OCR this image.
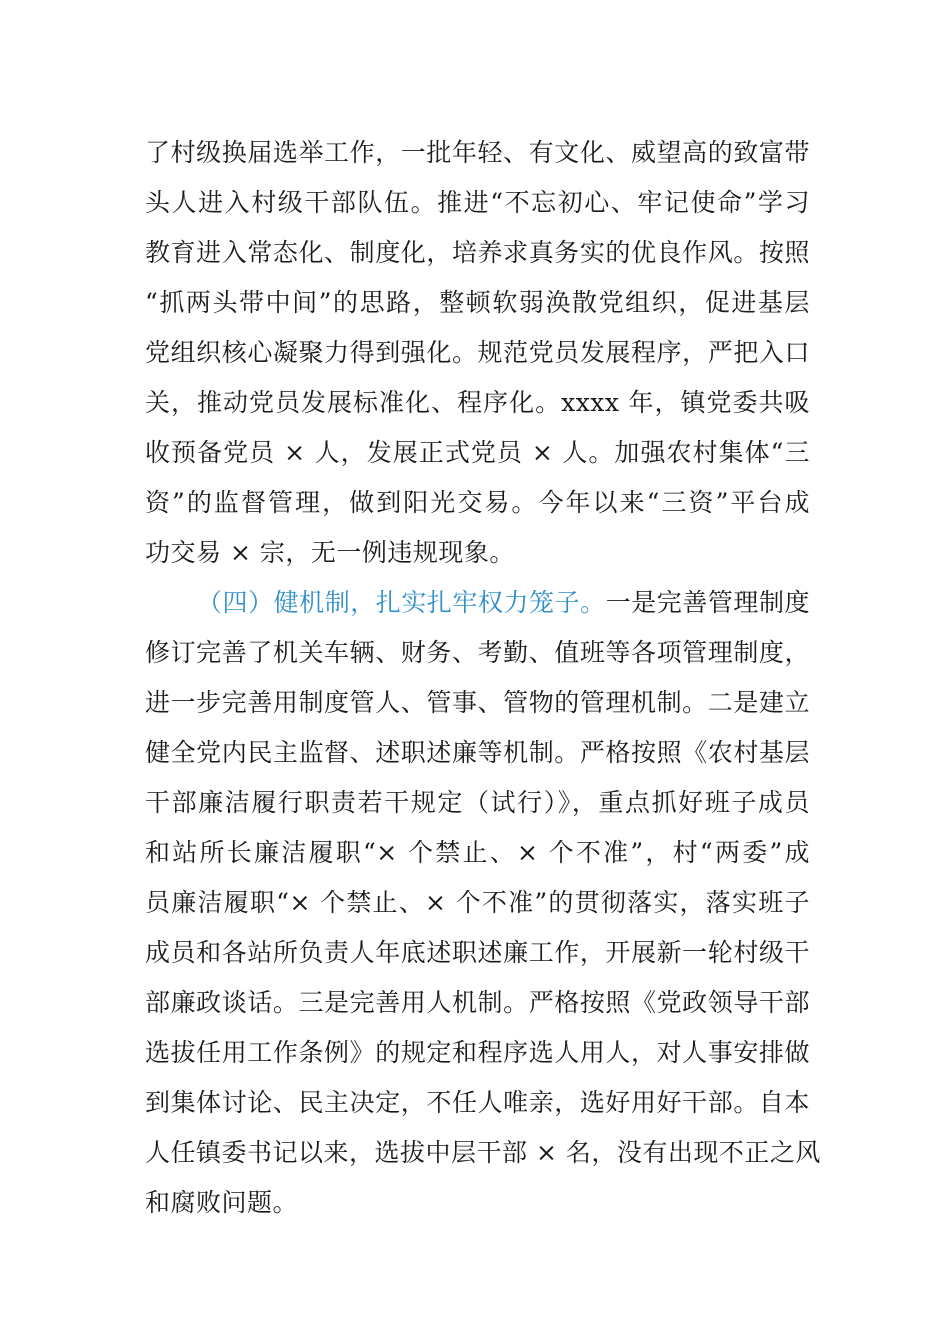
了村级换届选举工作，一批年轻、有文化、威望高的致富带
头人进入村级干部队伍。推进“不忘初心、牢记使命”学习
教育进入常态化、制度化，培养求真务实的优良作风。按照
“抓两头带中间”的思路，整顿软弱涣散党组织，促进基层
党组织核心凝聚力得到强化。规范党员发展程序，严把入口
关，推动党员发展标准化、程序化。xxxx 年，镇党委共吸
收预备党员 × 人，发展正式党员 × 人。加强农村集体“三
资”的监督管理，做到阳光交易。今年以来“三资”平台成
功交易 × 宗，无一例违规现象。
（四）健机制，扎实扎牢权力笼子。一是完善管理制度
修订完善了机关车辆、财务、考勤、值班等各项管理制度，
进一步完善用制度管人、管事、管物的管理机制。二是建立
健全党内民主监督、述职述廉等机制。严格按照《农村基层
干部廉洁履行职责若干规定（试行）》，重点抓好班子成员
和站所长廉洁履职“× 个禁止、× 个不准”，村“两委”成
员廉洁履职“× 个禁止、× 个不准”的贯彻落实，落实班子
成员和各站所负责人年底述职述廉工作，开展新一轮村级干
部廉政谈话。三是完善用人机制。严格按照《党政领导干部
选拔任用工作条例》的规定和程序选人用人，对人事安排做
到集体讨论、民主决定，不任人唯亲，选好用好干部。自本
人任镇委书记以来，选拔中层干部 × 名，没有出现不正之风
和腐败问题。
